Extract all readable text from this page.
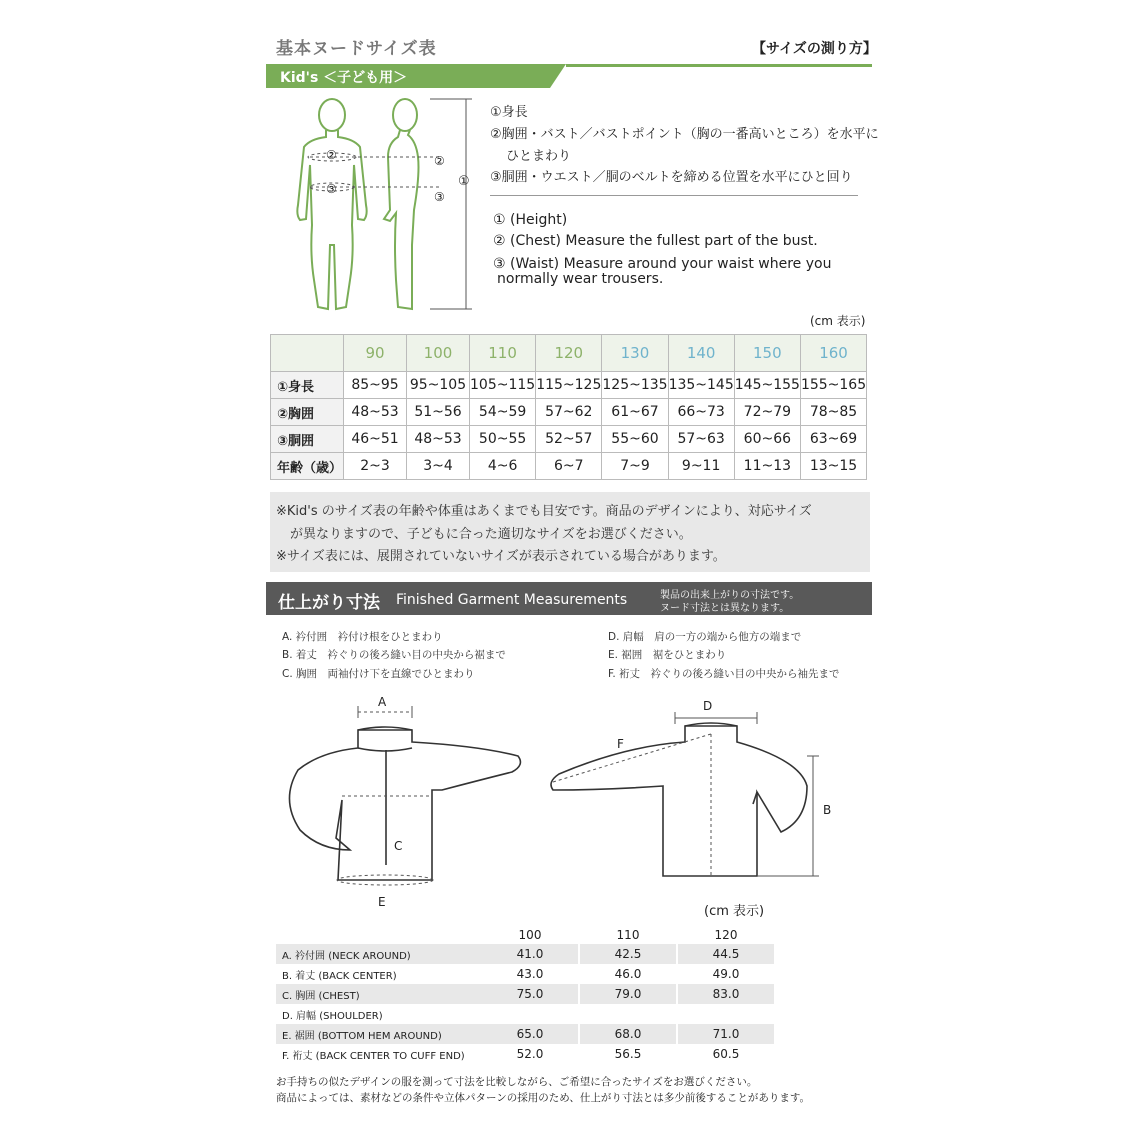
基本ヌードサイズ表	【サイズの測り方】
Kid's ＜子ども用＞
②
③
②
③
①
①身長
②胸囲・バスト／バストポイント（胸の一番高いところ）を水平に
ひとまわり
③胴囲・ウエスト／胴のベルトを締める位置を水平にひと回り
① (Height)
② (Chest) Measure the fullest part of the bust.
③ (Waist) Measure around your waist where you
normally wear trousers.
(cm 表示)
	90	100	110	120	130	140	150	160
①身長	85~95	95~105	105~115	115~125	125~135	135~145	145~155	155~165
②胸囲	48~53	51~56	54~59	57~62	61~67	66~73	72~79	78~85
③胴囲	46~51	48~53	50~55	52~57	55~60	57~63	60~66	63~69
年齢（歳）	2~3	3~4	4~6	6~7	7~9	9~11	11~13	13~15
※Kid's のサイズ表の年齢や体重はあくまでも目安です。商品のデザインにより、対応サイズ
が異なりますので、子どもに合った適切なサイズをお選びください。
※サイズ表には、展開されていないサイズが表示されている場合があります。
仕上がり寸法 Finished Garment Measurements	製品の出来上がりの寸法です。
ヌード寸法とは異なります。
A. 衿付囲　衿付け根をひとまわり
B. 着丈　衿ぐりの後ろ縫い目の中央から裾まで
C. 胸囲　両袖付け下を直線でひとまわり
D. 肩幅　肩の一方の端から他方の端まで
E. 裾囲　裾をひとまわり
F. 裄丈　衿ぐりの後ろ縫い目の中央から袖先まで
A
C
E
D
F
B
(cm 表示)
	100		110		120
A. 衿付囲 (NECK AROUND)	41.0		42.5		44.5
B. 着丈 (BACK CENTER)	43.0		46.0		49.0
C. 胸囲 (CHEST)	75.0		79.0		83.0
D. 肩幅 (SHOULDER)					
E. 裾囲 (BOTTOM HEM AROUND)	65.0		68.0		71.0
F. 裄丈 (BACK CENTER TO CUFF END)	52.0		56.5		60.5
お手持ちの似たデザインの服を測って寸法を比較しながら、ご希望に合ったサイズをお選びください。
商品によっては、素材などの条件や立体パターンの採用のため、仕上がり寸法とは多少前後することがあります。
